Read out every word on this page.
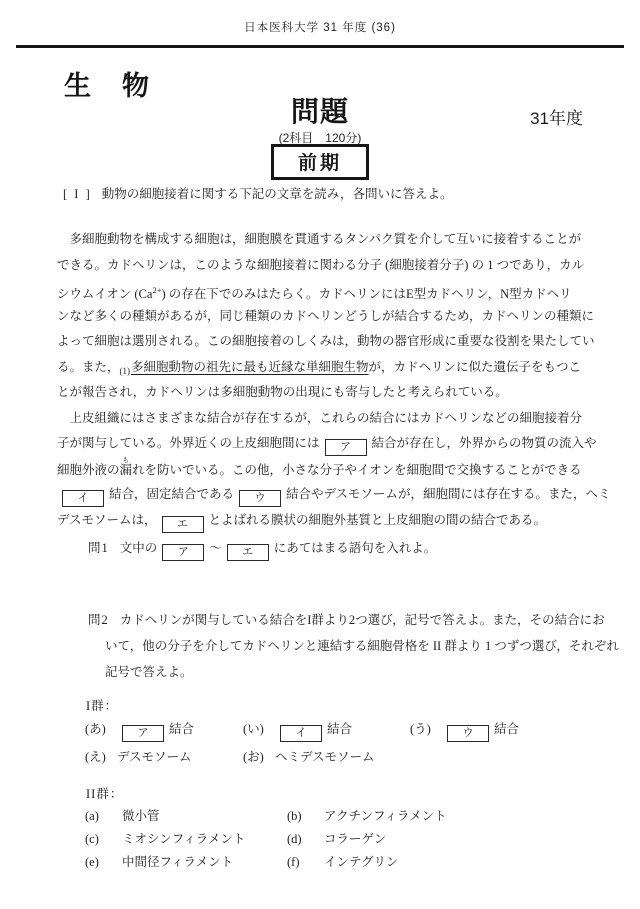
日本医科大学 31 年度 (36)
生　物
問題	31年度
(2科目　120分)
前期
[ I ] 動物の細胞接着に関する下記の文章を読み，各問いに答えよ。
　多細胞動物を構成する細胞は，細胞膜を貫通するタンパク質を介して互いに接着することが
できる。カドヘリンは，このような細胞接着に関わる分子 (細胞接着分子) の 1 つであり，カル
シウムイオン $(Ca^{2+})$ の存在下でのみはたらく。カドヘリンにはE型カドヘリン，N型カドヘリ
ンなど多くの種類があるが，同じ種類のカドヘリンどうしが結合するため，カドヘリンの種類に
よって細胞は選別される。この細胞接着のしくみは，動物の器官形成に重要な役割を果たしてい
る。また，$_{(1)}$多細胞動物の祖先に最も近縁な単細胞生物が，カドヘリンに似た遺伝子をもつこ
とが報告され，カドヘリンは多細胞動物の出現にも寄与したと考えられている。
　上皮組織にはさまざまな結合が存在するが，これらの結合にはカドヘリンなどの細胞接着分
子が関与している。外界近くの上皮細胞間には ア 結合が存在し，外界からの物質の流入や
細胞外液の漏もれを防いでいる。この他，小さな分子やイオンを細胞間で交換することができる
イ 結合，固定結合である ウ 結合やデスモソームが，細胞間には存在する。また，ヘミ
デスモソームは， エ とよばれる膜状の細胞外基質と上皮細胞の間の結合である。
問1 文中の ア ～ エ にあてはまる語句を入れよ。
問2 カドヘリンが関与している結合をI群より2つ選び，記号で答えよ。また，その結合にお
いて，他の分子を介してカドヘリンと連結する細胞骨格を II 群より 1 つずつ選び，それぞれ
記号で答えよ。
I群：
(あ)	ア 結合	(い)	イ 結合	(う)	ウ 結合
(え) デスモソーム	(お) ヘミデスモソーム
II群：
(a) 微小管	(b) アクチンフィラメント
(c) ミオシンフィラメント	(d) コラーゲン
(e) 中間径フィラメント	(f) インテグリン
